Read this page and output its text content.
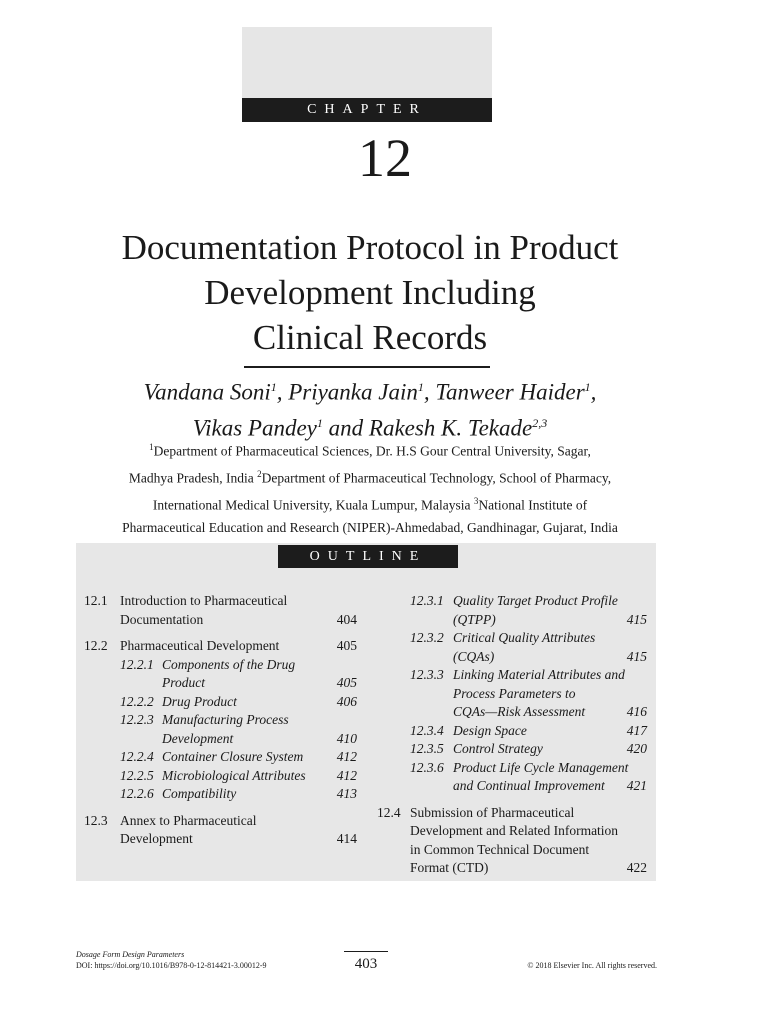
CHAPTER
12
Documentation Protocol in Product
Development Including
Clinical Records
Vandana Soni$^1$, Priyanka Jain$^1$, Tanweer Haider$^1$,
Vikas Pandey$^1$ and Rakesh K. Tekade$^{2,3}$
$^1$Department of Pharmaceutical Sciences, Dr. H.S Gour Central University, Sagar,
Madhya Pradesh, India $^2$Department of Pharmaceutical Technology, School of Pharmacy,
International Medical University, Kuala Lumpur, Malaysia $^3$National Institute of
Pharmaceutical Education and Research (NIPER)-Ahmedabad, Gandhinagar, Gujarat, India
OUTLINE
12.1 Introduction to Pharmaceutical
Documentation	404
12.2 Pharmaceutical Development	405
12.2.1 Components of the Drug
Product	405
12.2.2 Drug Product	406
12.2.3 Manufacturing Process
Development	410
12.2.4 Container Closure System 412
12.2.5 Microbiological Attributes 412
12.2.6 Compatibility	413
12.3 Annex to Pharmaceutical
Development	414
12.3.1 Quality Target Product Profile
(QTPP)	415
12.3.2 Critical Quality Attributes
(CQAs)	415
12.3.3 Linking Material Attributes and
Process Parameters to
CQAs—Risk Assessment	416
12.3.4 Design Space	417
12.3.5 Control Strategy	420
12.3.6 Product Life Cycle Management
and Continual Improvement 421
12.4 Submission of Pharmaceutical
Development and Related Information
in Common Technical Document
Format (CTD)	422
Dosage Form Design Parameters
DOI: https://doi.org/10.1016/B978-0-12-814421-3.00012-9	403	© 2018 Elsevier Inc. All rights reserved.
